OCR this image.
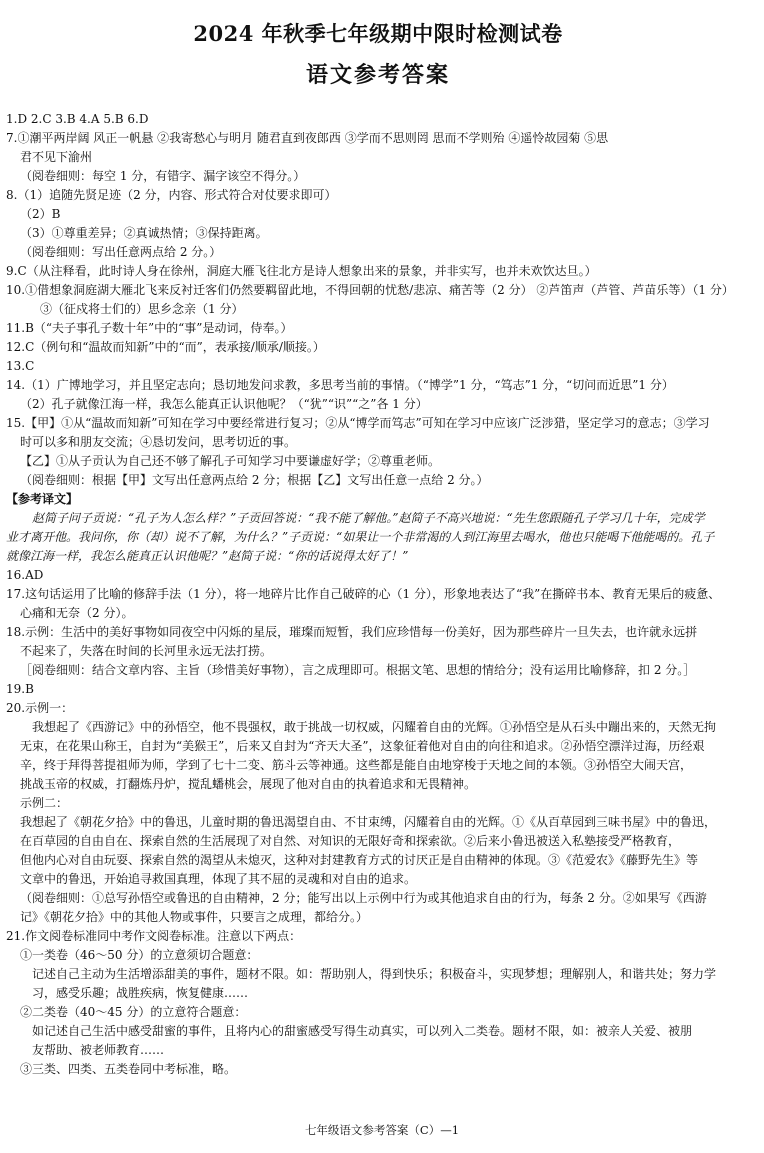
2024 年秋季七年级期中限时检测试卷
语文参考答案
1.D 2.C 3.B 4.A 5.B 6.D
7.①潮平两岸阔 风正一帆悬 ②我寄愁心与明月 随君直到夜郎西 ③学而不思则罔 思而不学则殆 ④遥怜故园菊 ⑤思
君不见下渝州
（阅卷细则：每空 1 分，有错字、漏字该空不得分。）
8.（1）追随先贤足迹（2 分，内容、形式符合对仗要求即可）
（2）B
（3）①尊重差异；②真诚热情；③保持距离。
（阅卷细则：写出任意两点给 2 分。）
9.C（从注释看，此时诗人身在徐州，洞庭大雁飞往北方是诗人想象出来的景象，并非实写，也并未欢饮达旦。）
10.①借想象洞庭湖大雁北飞来反衬迁客们仍然要羁留此地，不得回朝的忧愁/悲凉、痛苦等（2 分） ②芦笛声（芦管、芦苗乐等）（1 分）
③（征戍将士们的）思乡念亲（1 分）
11.B（“夫子事孔子数十年”中的“事”是动词，侍奉。）
12.C（例句和“温故而知新”中的“而”，表承接/顺承/顺接。）
13.C
14.（1）广博地学习，并且坚定志向；恳切地发问求教，多思考当前的事情。（“博学”1 分，“笃志”1 分，“切问而近思”1 分）
（2）孔子就像江海一样，我怎么能真正认识他呢？（“犹”“识”“之”各 1 分）
15.【甲】①从“温故而知新”可知在学习中要经常进行复习；②从“博学而笃志”可知在学习中应该广泛涉猎，坚定学习的意志；③学习
时可以多和朋友交流；④恳切发问，思考切近的事。
【乙】①从子贡认为自己还不够了解孔子可知学习中要谦虚好学；②尊重老师。
（阅卷细则：根据【甲】文写出任意两点给 2 分；根据【乙】文写出任意一点给 2 分。）
【参考译文】
赵简子问子贡说：“孔子为人怎么样？”子贡回答说：“我不能了解他。”赵简子不高兴地说：“先生您跟随孔子学习几十年，完成学
业才离开他。我问你，你（却）说不了解，为什么？”子贡说：“如果让一个非常渴的人到江海里去喝水，他也只能喝下他能喝的。孔子
就像江海一样，我怎么能真正认识他呢？”赵简子说：“你的话说得太好了！”
16.AD
17.这句话运用了比喻的修辞手法（1 分），将一地碎片比作自己破碎的心（1 分），形象地表达了“我”在撕碎书本、教育无果后的疲惫、
心痛和无奈（2 分）。
18.示例：生活中的美好事物如同夜空中闪烁的星辰，璀璨而短暂，我们应珍惜每一份美好，因为那些碎片一旦失去，也许就永远拼
不起来了，失落在时间的长河里永远无法打捞。
［阅卷细则：结合文章内容、主旨（珍惜美好事物），言之成理即可。根据文笔、思想的情给分；没有运用比喻修辞，扣 2 分。］
19.B
20.示例一：
我想起了《西游记》中的孙悟空，他不畏强权，敢于挑战一切权威，闪耀着自由的光辉。①孙悟空是从石头中蹦出来的，天然无拘
无束，在花果山称王，自封为“美猴王”，后来又自封为“齐天大圣”，这象征着他对自由的向往和追求。②孙悟空漂洋过海，历经艰
辛，终于拜得菩提祖师为师，学到了七十二变、筋斗云等神通。这些都是能自由地穿梭于天地之间的本领。③孙悟空大闹天宫，
挑战玉帝的权威，打翻炼丹炉，搅乱蟠桃会，展现了他对自由的执着追求和无畏精神。
示例二：
我想起了《朝花夕拾》中的鲁迅，儿童时期的鲁迅渴望自由、不甘束缚，闪耀着自由的光辉。①《从百草园到三味书屋》中的鲁迅，
在百草园的自由自在、探索自然的生活展现了对自然、对知识的无限好奇和探索欲。②后来小鲁迅被送入私塾接受严格教育，
但他内心对自由玩耍、探索自然的渴望从未熄灭，这种对封建教育方式的讨厌正是自由精神的体现。③《范爱农》《藤野先生》等
文章中的鲁迅，开始追寻救国真理，体现了其不屈的灵魂和对自由的追求。
（阅卷细则：①总写孙悟空或鲁迅的自由精神，2 分；能写出以上示例中行为或其他追求自由的行为，每条 2 分。②如果写《西游
记》《朝花夕拾》中的其他人物或事件，只要言之成理，都给分。）
21.作文阅卷标准同中考作文阅卷标准。注意以下两点：
①一类卷（46～50 分）的立意须切合题意：
记述自己主动为生活增添甜美的事件，题材不限。如：帮助别人，得到快乐；积极奋斗，实现梦想；理解别人，和谐共处；努力学
习，感受乐趣；战胜疾病，恢复健康……
②二类卷（40～45 分）的立意符合题意：
如记述自己生活中感受甜蜜的事件，且将内心的甜蜜感受写得生动真实，可以列入二类卷。题材不限，如：被亲人关爱、被朋
友帮助、被老师教育……
③三类、四类、五类卷同中考标准，略。
七年级语文参考答案（C）—1
